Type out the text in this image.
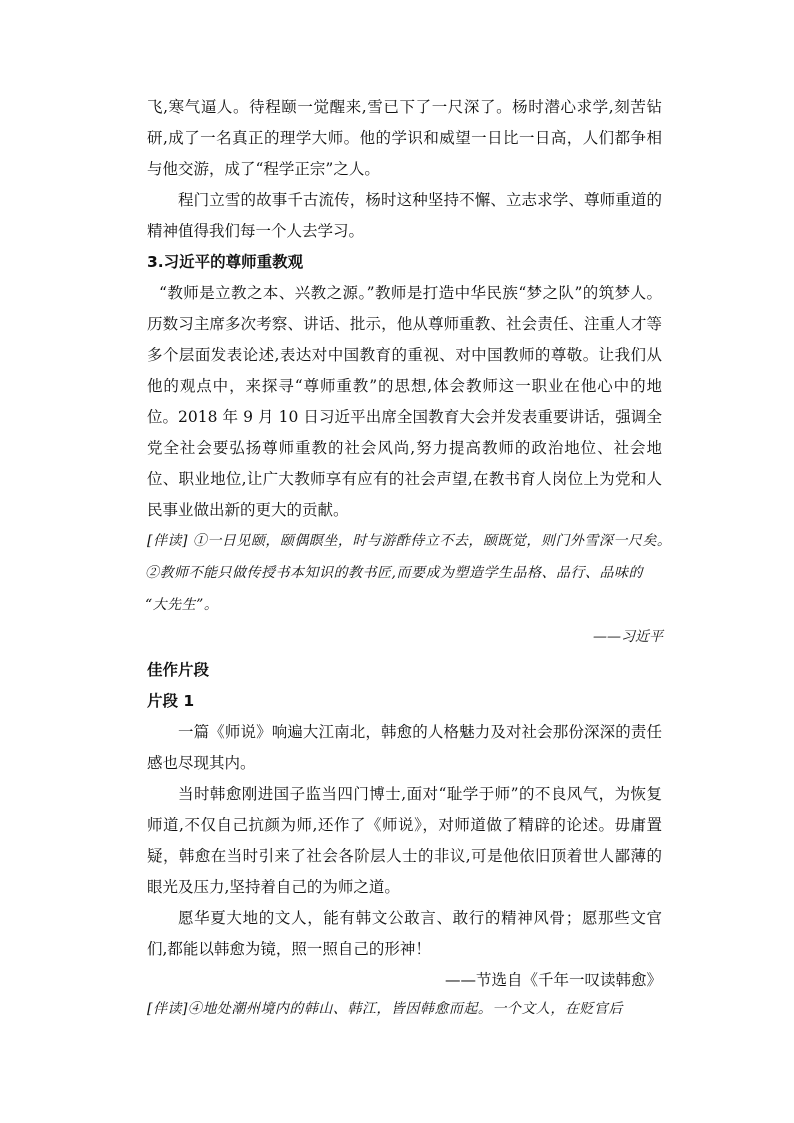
飞,寒气逼人。待程颐一觉醒来,雪已下了一尺深了。杨时潜心求学,刻苦钻研,成了一名真正的理学大师。他的学识和威望一日比一日高，人们都争相与他交游，成了“程学正宗”之人。

程门立雪的故事千古流传，杨时这种坚持不懈、立志求学、尊师重道的精神值得我们每一个人去学习。

3.习近平的尊师重教观

“教师是立教之本、兴教之源。”教师是打造中华民族“梦之队”的筑梦人。历数习主席多次考察、讲话、批示，他从尊师重教、社会责任、注重人才等多个层面发表论述,表达对中国教育的重视、对中国教师的尊敬。让我们从他的观点中，来探寻“尊师重教”的思想,体会教师这一职业在他心中的地位。 2018 年 9 月 10 日习近平出席全国教育大会并发表重要讲话，强调全党全社会要弘扬尊师重教的社会风尚,努力提高教师的政治地位、社会地位、职业地位,让广大教师享有应有的社会声望,在教书育人岗位上为党和人民事业做出新的更大的贡献。

[伴读] ①一日见颐，颐偶瞑坐，时与游酢侍立不去，颐既觉，则门外雪深一尺矣。

②教师不能只做传授书本知识的教书匠,而要成为塑造学生品格、品行、品味的

“大先生”。

——习近平

佳作片段

片段 1

一篇《师说》响遍大江南北，韩愈的人格魅力及对社会那份深深的责任感也尽现其内。

当时韩愈刚进国子监当四门博士,面对“耻学于师”的不良风气，为恢复师道,不仅自己抗颜为师,还作了《师说》，对师道做了精辟的论述。毋庸置疑，韩愈在当时引来了社会各阶层人士的非议,可是他依旧顶着世人鄙薄的眼光及压力,坚持着自己的为师之道。

愿华夏大地的文人，能有韩文公敢言、敢行的精神风骨；愿那些文官们,都能以韩愈为镜，照一照自己的形神！

——节选自《千年一叹读韩愈》

[伴读]④地处潮州境内的韩山、韩江，皆因韩愈而起。一个文人，在贬官后
